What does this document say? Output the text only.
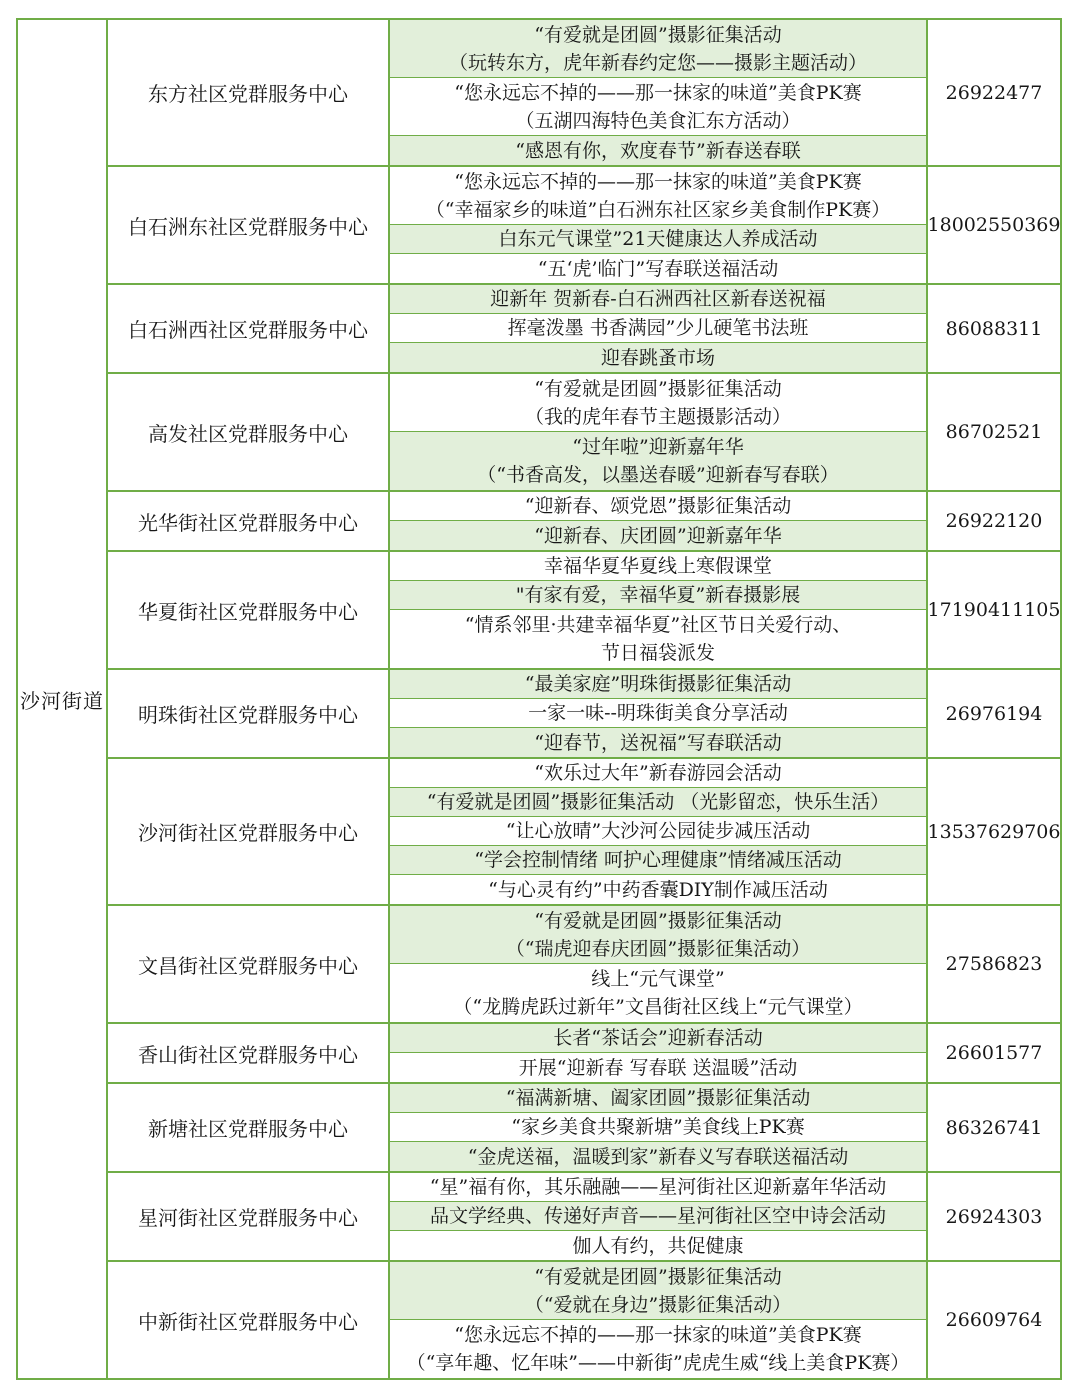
沙河街道
东方社区党群服务中心
“有爱就是团圆”摄影征集活动
（玩转东方，虎年新春约定您——摄影主题活动）
“您永远忘不掉的——那一抹家的味道”美食PK赛
（五湖四海特色美食汇东方活动）
“感恩有你，欢度春节”新春送春联
26922477
白石洲东社区党群服务中心
“您永远忘不掉的——那一抹家的味道”美食PK赛
（“幸福家乡的味道”白石洲东社区家乡美食制作PK赛）
白东元气课堂”21天健康达人养成活动
“五‘虎’临门”写春联送福活动
18002550369
白石洲西社区党群服务中心
迎新年 贺新春-白石洲西社区新春送祝福
挥毫泼墨 书香满园”少儿硬笔书法班
迎春跳蚤市场
86088311
高发社区党群服务中心
“有爱就是团圆”摄影征集活动
（我的虎年春节主题摄影活动）
“过年啦”迎新嘉年华
（“书香高发，以墨送春暖”迎新春写春联）
86702521
光华街社区党群服务中心
“迎新春、颂党恩”摄影征集活动
“迎新春、庆团圆”迎新嘉年华
26922120
华夏街社区党群服务中心
幸福华夏华夏线上寒假课堂
"有家有爱，幸福华夏”新春摄影展
“情系邻里·共建幸福华夏”社区节日关爱行动、
节日福袋派发
17190411105
明珠街社区党群服务中心
“最美家庭”明珠街摄影征集活动
一家一味--明珠街美食分享活动
“迎春节，送祝福”写春联活动
26976194
沙河街社区党群服务中心
“欢乐过大年”新春游园会活动
“有爱就是团圆”摄影征集活动 （光影留恋，快乐生活）
“让心放晴”大沙河公园徒步减压活动
“学会控制情绪 呵护心理健康”情绪减压活动
“与心灵有约”中药香囊DIY制作减压活动
13537629706
文昌街社区党群服务中心
“有爱就是团圆”摄影征集活动
（“瑞虎迎春庆团圆”摄影征集活动）
线上“元气课堂”
（“龙腾虎跃过新年”文昌街社区线上“元气课堂）
27586823
香山街社区党群服务中心
长者“茶话会”迎新春活动
开展“迎新春 写春联 送温暖”活动
26601577
新塘社区党群服务中心
“福满新塘、阖家团圆”摄影征集活动
“家乡美食共聚新塘”美食线上PK赛
“金虎送福，温暖到家”新春义写春联送福活动
86326741
星河街社区党群服务中心
“星”福有你，其乐融融——星河街社区迎新嘉年华活动
品文学经典、传递好声音——星河街社区空中诗会活动
伽人有约，共促健康
26924303
中新街社区党群服务中心
“有爱就是团圆”摄影征集活动
（“爱就在身边”摄影征集活动）
“您永远忘不掉的——那一抹家的味道”美食PK赛
（“享年趣、忆年味”——中新街”虎虎生威“线上美食PK赛）
26609764
